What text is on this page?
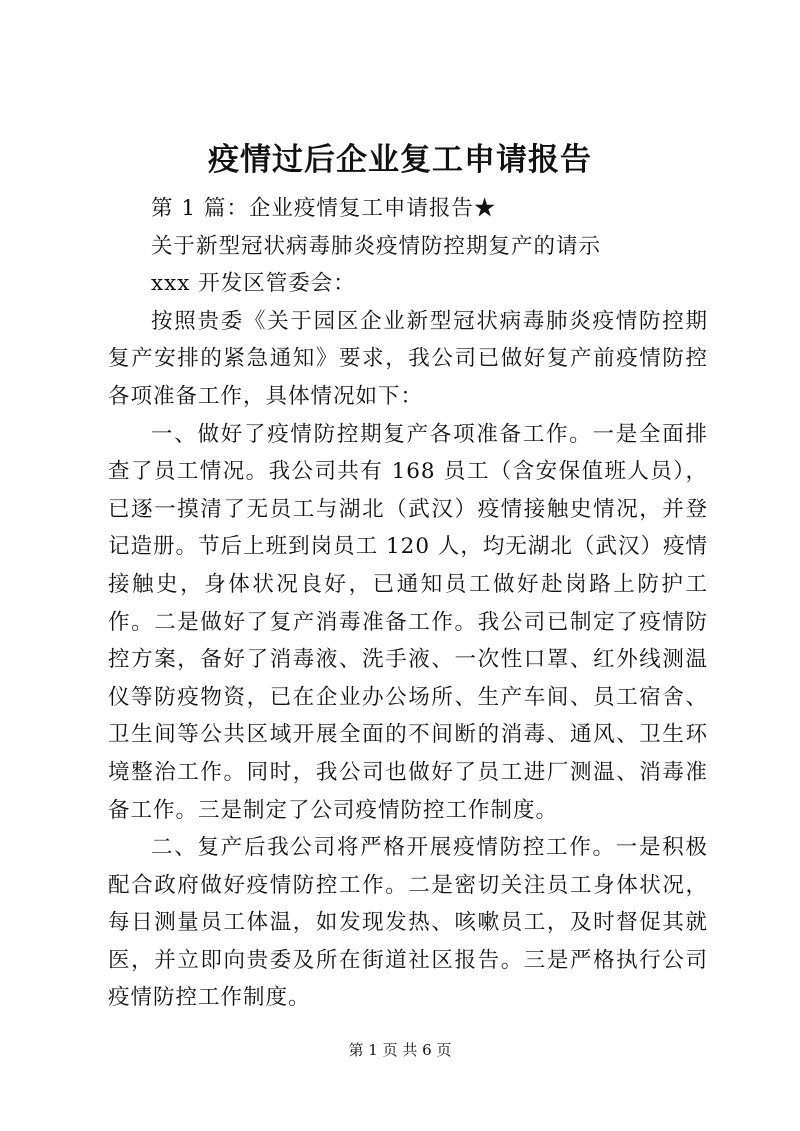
疫情过后企业复工申请报告

第 1 篇：企业疫情复工申请报告★

关于新型冠状病毒肺炎疫情防控期复产的请示

xxx 开发区管委会：

按照贵委《关于园区企业新型冠状病毒肺炎疫情防控期复产安排的紧急通知》要求，我公司已做好复产前疫情防控各项准备工作，具体情况如下：

一、做好了疫情防控期复产各项准备工作。一是全面排查了员工情况。我公司共有 168 员工（含安保值班人员），已逐一摸清了无员工与湖北（武汉）疫情接触史情况，并登记造册。节后上班到岗员工 120 人，均无湖北（武汉）疫情接触史，身体状况良好，已通知员工做好赴岗路上防护工作。二是做好了复产消毒准备工作。我公司已制定了疫情防控方案，备好了消毒液、洗手液、一次性口罩、红外线测温仪等防疫物资，已在企业办公场所、生产车间、员工宿舍、卫生间等公共区域开展全面的不间断的消毒、通风、卫生环境整治工作。同时，我公司也做好了员工进厂测温、消毒准备工作。三是制定了公司疫情防控工作制度。

二、复产后我公司将严格开展疫情防控工作。一是积极配合政府做好疫情防控工作。二是密切关注员工身体状况，每日测量员工体温，如发现发热、咳嗽员工，及时督促其就医，并立即向贵委及所在街道社区报告。三是严格执行公司疫情防控工作制度。

第 1 页 共 6 页
